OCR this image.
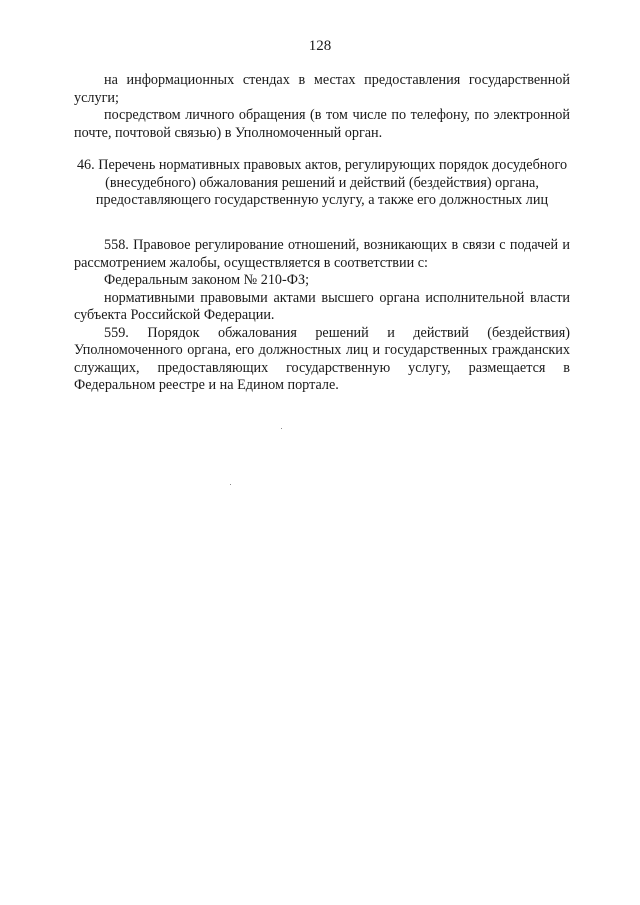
128

на информационных стендах в местах предоставления государственной услуги;

посредством личного обращения (в том числе по телефону, по электронной почте, почтовой связью) в Уполномоченный орган.

46. Перечень нормативных правовых актов, регулирующих порядок досудебного (внесудебного) обжалования решений и действий (бездействия) органа, предоставляющего государственную услугу, а также его должностных лиц

558. Правовое регулирование отношений, возникающих в связи с подачей и рассмотрением жалобы, осуществляется в соответствии с:

Федеральным законом № 210-ФЗ;

нормативными правовыми актами высшего органа исполнительной власти субъекта Российской Федерации.

559. Порядок обжалования решений и действий (бездействия) Уполномоченного органа, его должностных лиц и государственных гражданских служащих, предоставляющих государственную услугу, размещается в Федеральном реестре и на Едином портале.
